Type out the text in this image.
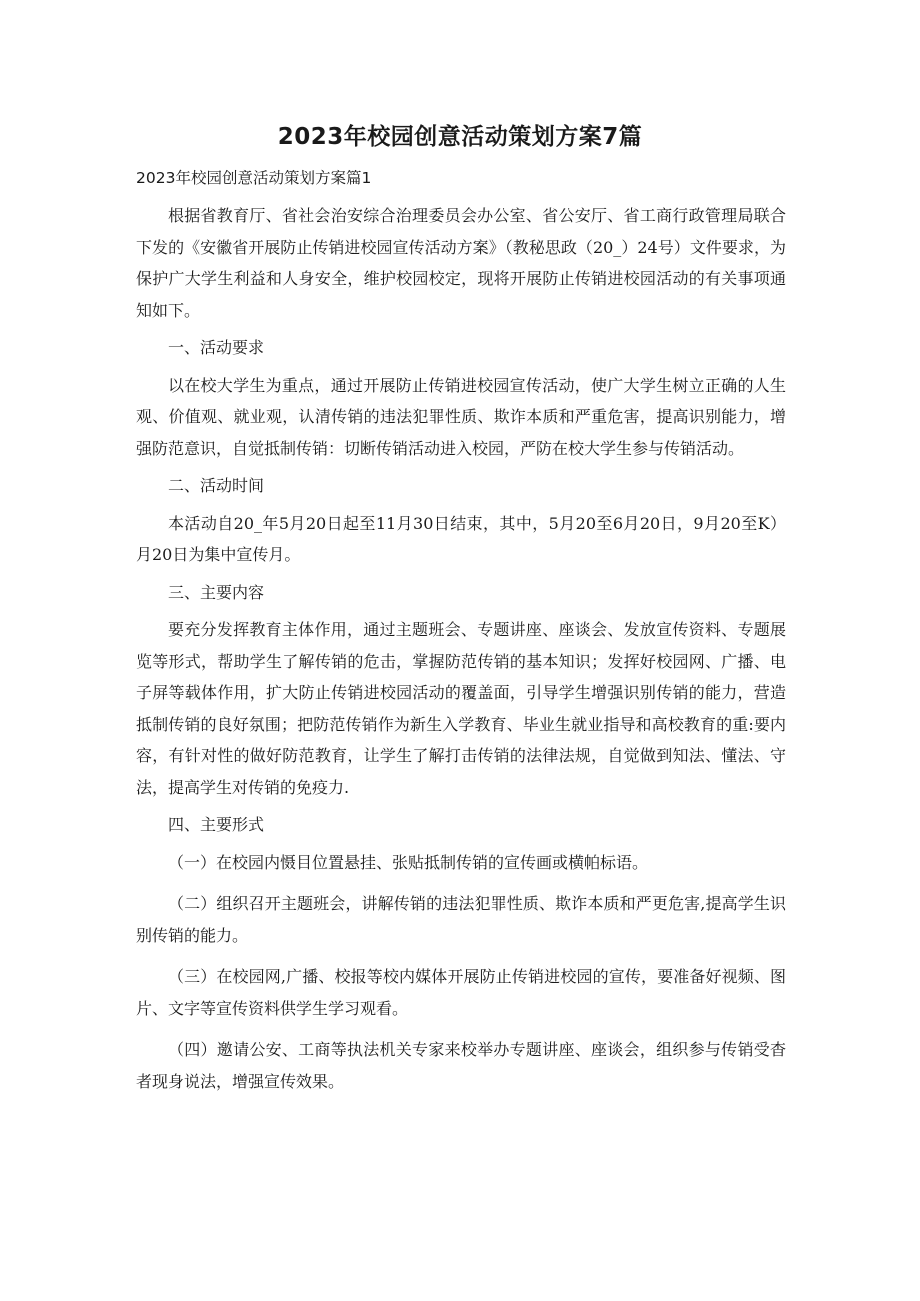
2023年校园创意活动策划方案7篇
2023年校园创意活动策划方案篇1

根据省教育厅、省社会治安综合治理委员会办公室、省公安厅、省工商行政管理局联合下发的《安徽省开展防止传销进校园宣传活动方案》（教秘思政（20_）24号）文件要求，为保护广大学生利益和人身安全，维护校园校定，现将开展防止传销进校园活动的有关事项通知如下。

一、活动要求

以在校大学生为重点，通过开展防止传销进校园宣传活动，使广大学生树立正确的人生观、价值观、就业观，认清传销的违法犯罪性质、欺诈本质和严重危害，提高识别能力，增强防范意识，自觉抵制传销：切断传销活动进入校园，严防在校大学生参与传销活动。

二、活动时间

本活动自20_年5月20日起至11月30日结束，其中，5月20至6月20日，9月20至K）月20日为集中宣传月。

三、主要内容

要充分发挥教育主体作用，通过主题班会、专题讲座、座谈会、发放宣传资料、专题展览等形式，帮助学生了解传销的危击，掌握防范传销的基本知识；发挥好校园网、广播、电子屏等载体作用，扩大防止传销进校园活动的覆盖面，引导学生增强识别传销的能力，营造抵制传销的良好氛围；把防范传销作为新生入学教育、毕业生就业指导和高校教育的重:要内容，有针对性的做好防范教育，让学生了解打击传销的法律法规，自觉做到知法、懂法、守法，提高学生对传销的免疫力.

四、主要形式

（一）在校园内慑目位置悬挂、张贴抵制传销的宣传画或横帕标语。

（二）组织召开主题班会，讲解传销的违法犯罪性质、欺诈本质和严更危害,提高学生识别传销的能力。

（三）在校园网,广播、校报等校内媒体开展防止传销进校园的宣传，要准备好视频、图片、文字等宣传资料供学生学习观看。

（四）邀请公安、工商等执法机关专家来校举办专题讲座、座谈会，组织参与传销受杳者现身说法，增强宣传效果。
